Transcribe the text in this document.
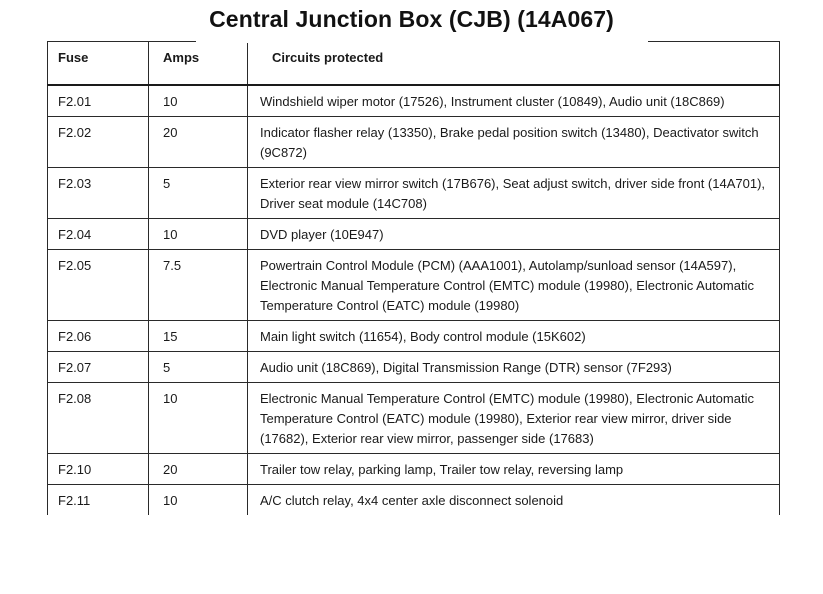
Central Junction Box (CJB) (14A067)
Fuse	Amps	Circuits protected
F2.01	10	Windshield wiper motor (17526), Instrument cluster (10849), Audio unit (18C869)
F2.02	20	Indicator flasher relay (13350), Brake pedal position switch (13480), Deactivator switch (9C872)
F2.03	5	Exterior rear view mirror switch (17B676), Seat adjust switch, driver side front (14A701), Driver seat module (14C708)
F2.04	10	DVD player (10E947)
F2.05	7.5	Powertrain Control Module (PCM) (AAA1001), Autolamp/sunload sensor (14A597), Electronic Manual Temperature Control (EMTC) module (19980), Electronic Automatic Temperature Control (EATC) module (19980)
F2.06	15	Main light switch (11654), Body control module (15K602)
F2.07	5	Audio unit (18C869), Digital Transmission Range (DTR) sensor (7F293)
F2.08	10	Electronic Manual Temperature Control (EMTC) module (19980), Electronic Automatic Temperature Control (EATC) module (19980), Exterior rear view mirror, driver side (17682), Exterior rear view mirror, passenger side (17683)
F2.10	20	Trailer tow relay, parking lamp, Trailer tow relay, reversing lamp
F2.11	10	A/C clutch relay, 4x4 center axle disconnect solenoid
